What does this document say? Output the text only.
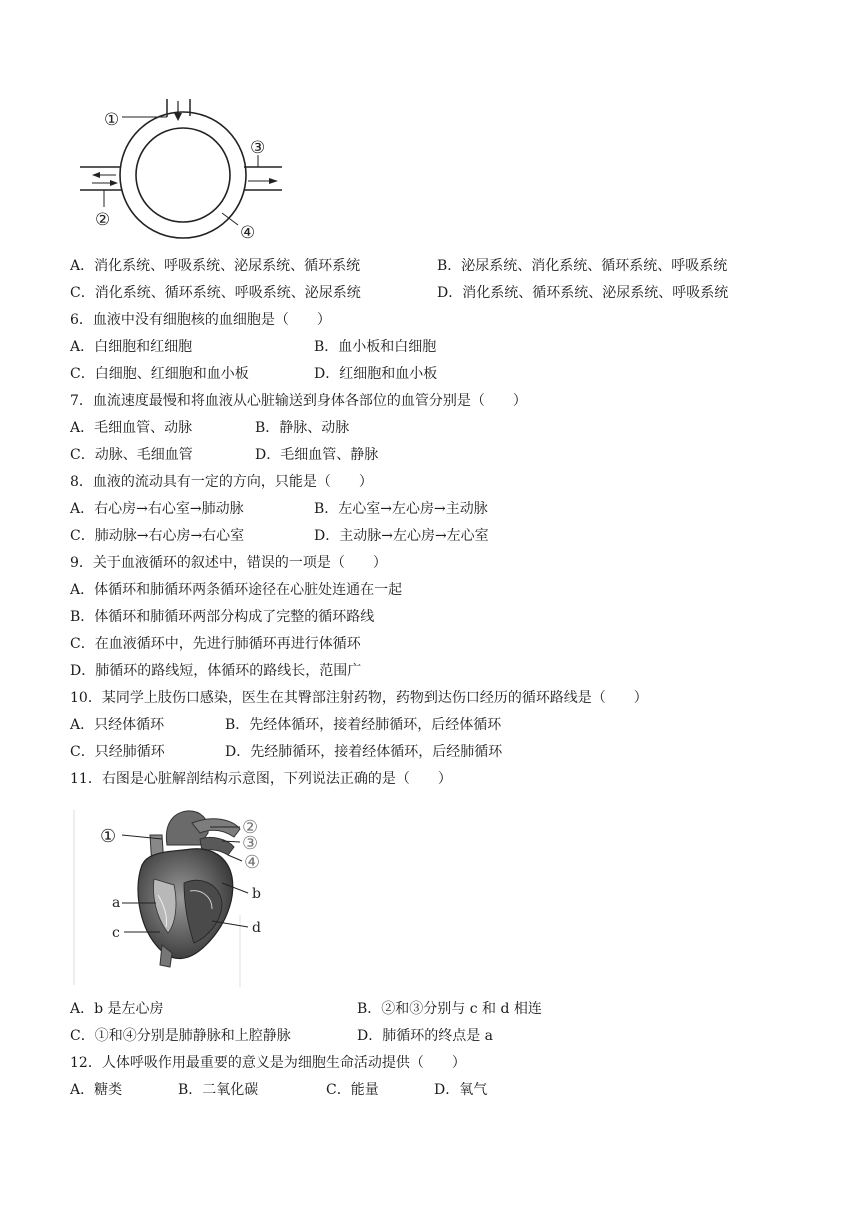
①
②
③
④
A．消化系统、呼吸系统、泌尿系统、循环系统	B．泌尿系统、消化系统、循环系统、呼吸系统
C．消化系统、循环系统、呼吸系统、泌尿系统	D．消化系统、循环系统、泌尿系统、呼吸系统
6．血液中没有细胞核的血细胞是（　　）
A．白细胞和红细胞	B．血小板和白细胞
C．白细胞、红细胞和血小板	D．红细胞和血小板
7．血流速度最慢和将血液从心脏输送到身体各部位的血管分别是（　　）
A．毛细血管、动脉	B．静脉、动脉
C．动脉、毛细血管	D．毛细血管、静脉
8．血液的流动具有一定的方向，只能是（　　）
A．右心房→右心室→肺动脉	B．左心室→左心房→主动脉
C．肺动脉→右心房→右心室	D．主动脉→左心房→左心室
9．关于血液循环的叙述中，错误的一项是（　　）
A．体循环和肺循环两条循环途径在心脏处连通在一起
B．体循环和肺循环两部分构成了完整的循环路线
C．在血液循环中，先进行肺循环再进行体循环
D．肺循环的路线短，体循环的路线长，范围广
10．某同学上肢伤口感染，医生在其臀部注射药物，药物到达伤口经历的循环路线是（　　）
A．只经体循环	B．先经体循环，接着经肺循环，后经体循环
C．只经肺循环	D．先经肺循环，接着经体循环，后经肺循环
11．右图是心脏解剖结构示意图，下列说法正确的是（　　）
①	②
③
④
a
b
c	d
A．b 是左心房	B．②和③分别与 c 和 d 相连
C．①和④分别是肺静脉和上腔静脉	D．肺循环的终点是 a
12．人体呼吸作用最重要的意义是为细胞生命活动提供（　　）
A．糖类	B．二氧化碳	C．能量	D．氧气
